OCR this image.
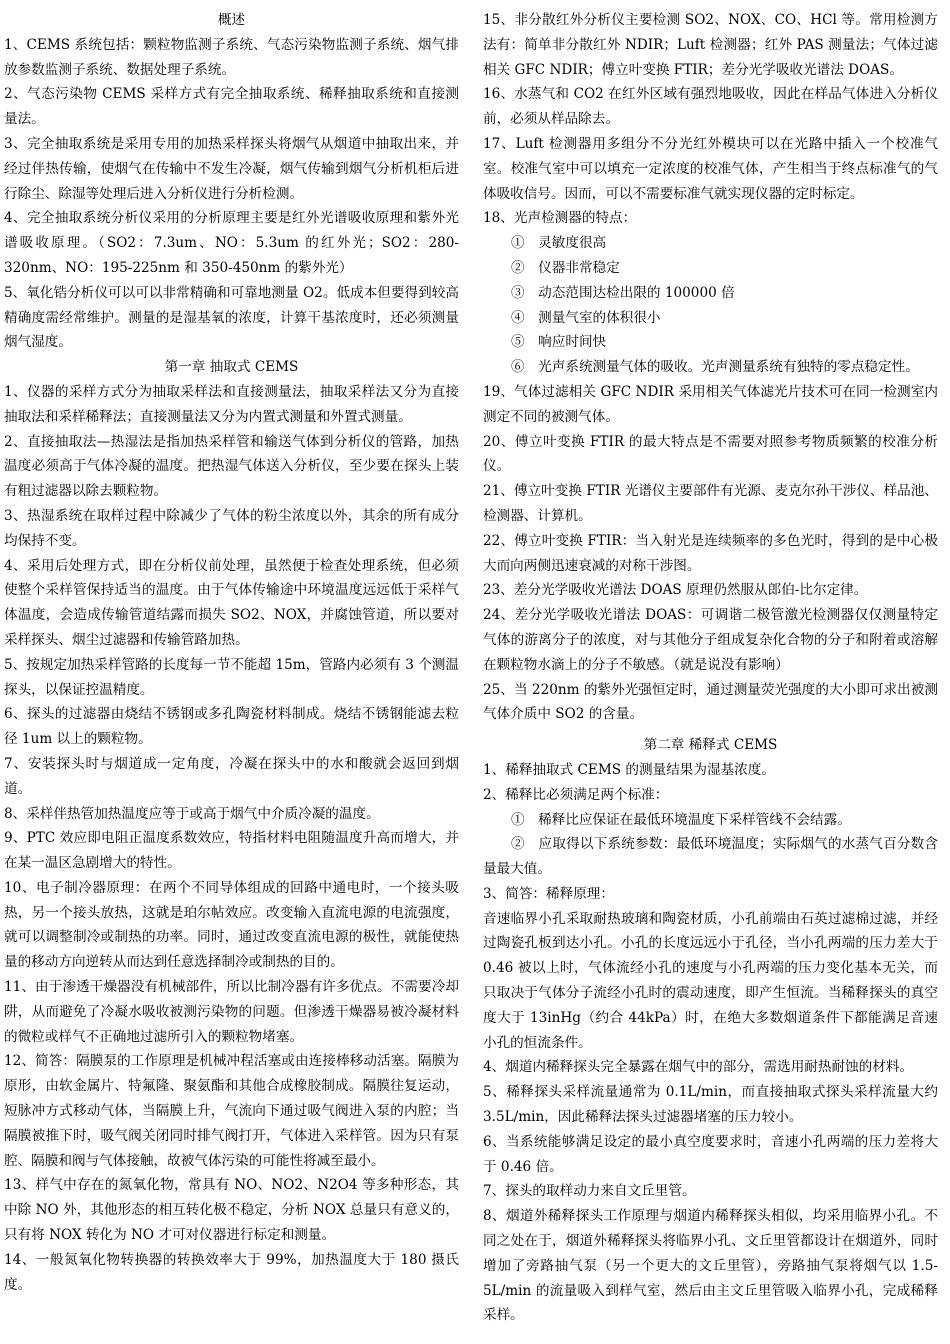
概述

1、CEMS 系统包括：颗粒物监测子系统、气态污染物监测子系统、烟气排放参数监测子系统、数据处理子系统。

2、气态污染物 CEMS 采样方式有完全抽取系统、稀释抽取系统和直接测量法。

3、完全抽取系统是采用专用的加热采样探头将烟气从烟道中抽取出来，并经过伴热传输，使烟气在传输中不发生冷凝，烟气传输到烟气分析机柜后进行除尘、除湿等处理后进入分析仪进行分析检测。

4、完全抽取系统分析仪采用的分析原理主要是红外光谱吸收原理和紫外光谱吸收原理。（SO2：7.3um、NO：5.3um 的红外光；SO2：280-320nm、NO：195-225nm 和 350-450nm 的紫外光）

5、氧化锆分析仪可以可以非常精确和可靠地测量 O2。低成本但要得到较高精确度需经常维护。测量的是湿基氧的浓度，计算干基浓度时，还必须测量烟气湿度。

第一章 抽取式 CEMS

1、仪器的采样方式分为抽取采样法和直接测量法，抽取采样法又分为直接抽取法和采样稀释法；直接测量法又分为内置式测量和外置式测量。

2、直接抽取法—热湿法是指加热采样管和输送气体到分析仪的管路，加热温度必须高于气体冷凝的温度。把热湿气体送入分析仪，至少要在探头上装有粗过滤器以除去颗粒物。

3、热湿系统在取样过程中除减少了气体的粉尘浓度以外，其余的所有成分均保持不变。

4、采用后处理方式，即在分析仪前处理，虽然便于检查处理系统，但必须使整个采样管保持适当的温度。由于气体传输途中环境温度远远低于采样气体温度，会造成传输管道结露而损失 SO2、NOX，并腐蚀管道，所以要对采样探头、烟尘过滤器和传输管路加热。

5、按规定加热采样管路的长度每一节不能超 15m，管路内必须有 3 个测温探头，以保证控温精度。

6、探头的过滤器由烧结不锈钢或多孔陶瓷材料制成。烧结不锈钢能滤去粒径 1um 以上的颗粒物。

7、安装探头时与烟道成一定角度，冷凝在探头中的水和酸就会返回到烟道。

8、采样伴热管加热温度应等于或高于烟气中介质冷凝的温度。

9、PTC 效应即电阻正温度系数效应，特指材料电阻随温度升高而增大，并在某一温区急剧增大的特性。

10、电子制冷器原理：在两个不同导体组成的回路中通电时，一个接头吸热，另一个接头放热，这就是珀尔帖效应。改变输入直流电源的电流强度，就可以调整制冷或制热的功率。同时，通过改变直流电源的极性，就能使热量的移动方向逆转从而达到任意选择制冷或制热的目的。

11、由于渗透干燥器没有机械部件，所以比制冷器有许多优点。不需要冷却阱，从而避免了冷凝水吸收被测污染物的问题。但渗透干燥器易被冷凝材料的微粒或样气不正确地过滤所引入的颗粒物堵塞。

12、简答：隔膜泵的工作原理是机械冲程活塞或由连接棒移动活塞。隔膜为原形，由软金属片、特氟隆、聚氨酯和其他合成橡胶制成。隔膜往复运动，短脉冲方式移动气体，当隔膜上升，气流向下通过吸气阀进入泵的内腔；当隔膜被推下时，吸气阀关闭同时排气阀打开，气体进入采样管。因为只有泵腔、隔膜和阀与气体接触，故被气体污染的可能性将减至最小。

13、样气中存在的氮氧化物，常具有 NO、NO2、N2O4 等多种形态，其中除 NO 外，其他形态的相互转化极不稳定，分析 NOX 总量只有意义的，只有将 NOX 转化为 NO 才可对仪器进行标定和测量。

14、一般氮氧化物转换器的转换效率大于 99%，加热温度大于 180 摄氏度。

15、非分散红外分析仪主要检测 SO2、NOX、CO、HCl 等。常用检测方法有：简单非分散红外 NDIR；Luft 检测器；红外 PAS 测量法；气体过滤相关 GFC NDIR；傅立叶变换 FTIR；差分光学吸收光谱法 DOAS。

16、水蒸气和 CO2 在红外区域有强烈地吸收，因此在样品气体进入分析仪前，必须从样品除去。

17、Luft 检测器用多组分不分光红外模块可以在光路中插入一个校准气室。校准气室中可以填充一定浓度的校准气体，产生相当于终点标准气的气体吸收信号。因而，可以不需要标准气就实现仪器的定时标定。

18、光声检测器的特点：

①　灵敏度很高

②　仪器非常稳定

③　动态范围达检出限的 100000 倍

④　测量气室的体积很小

⑤　响应时间快

⑥　光声系统测量气体的吸收。光声测量系统有独特的零点稳定性。

19、气体过滤相关 GFC NDIR 采用相关气体滤光片技术可在同一检测室内测定不同的被测气体。

20、傅立叶变换 FTIR 的最大特点是不需要对照参考物质频繁的校准分析仪。

21、傅立叶变换 FTIR 光谱仪主要部件有光源、麦克尔孙干涉仪、样品池、检测器、计算机。

22、傅立叶变换 FTIR：当入射光是连续频率的多色光时，得到的是中心极大而向两侧迅速衰减的对称干涉图。

23、差分光学吸收光谱法 DOAS 原理仍然服从郎伯-比尔定律。

24、差分光学吸收光谱法 DOAS：可调谐二极管激光检测器仅仅测量特定气体的游离分子的浓度，对与其他分子组成复杂化合物的分子和附着或溶解在颗粒物水滴上的分子不敏感。（就是说没有影响）

25、当 220nm 的紫外光强恒定时，通过测量荧光强度的大小即可求出被测气体介质中 SO2 的含量。

第二章 稀释式 CEMS

1、稀释抽取式 CEMS 的测量结果为湿基浓度。

2、稀释比必须满足两个标准：

①　稀释比应保证在最低环境温度下采样管线不会结露。

②　应取得以下系统参数：最低环境温度；实际烟气的水蒸气百分数含量最大值。

3、简答：稀释原理：

音速临界小孔采取耐热玻璃和陶瓷材质，小孔前端由石英过滤棉过滤，并经过陶瓷孔板到达小孔。小孔的长度远远小于孔径，当小孔两端的压力差大于 0.46 被以上时，气体流经小孔的速度与小孔两端的压力变化基本无关，而只取决于气体分子流经小孔时的震动速度，即产生恒流。当稀释探头的真空度大于 13inHg（约合 44kPa）时，在绝大多数烟道条件下都能满足音速小孔的恒流条件。

4、烟道内稀释探头完全暴露在烟气中的部分，需选用耐热耐蚀的材料。

5、稀释探头采样流量通常为 0.1L/min，而直接抽取式探头采样流量大约3.5L/min，因此稀释法探头过滤器堵塞的压力较小。

6、当系统能够满足设定的最小真空度要求时，音速小孔两端的压力差将大于 0.46 倍。

7、探头的取样动力来自文丘里管。

8、烟道外稀释探头工作原理与烟道内稀释探头相似，均采用临界小孔。不同之处在于，烟道外稀释探头将临界小孔、文丘里管都设计在烟道外，同时增加了旁路抽气泵（另一个更大的文丘里管），旁路抽气泵将烟气以 1.5-5L/min 的流量吸入到样气室，然后由主文丘里管吸入临界小孔，完成稀释采样。
